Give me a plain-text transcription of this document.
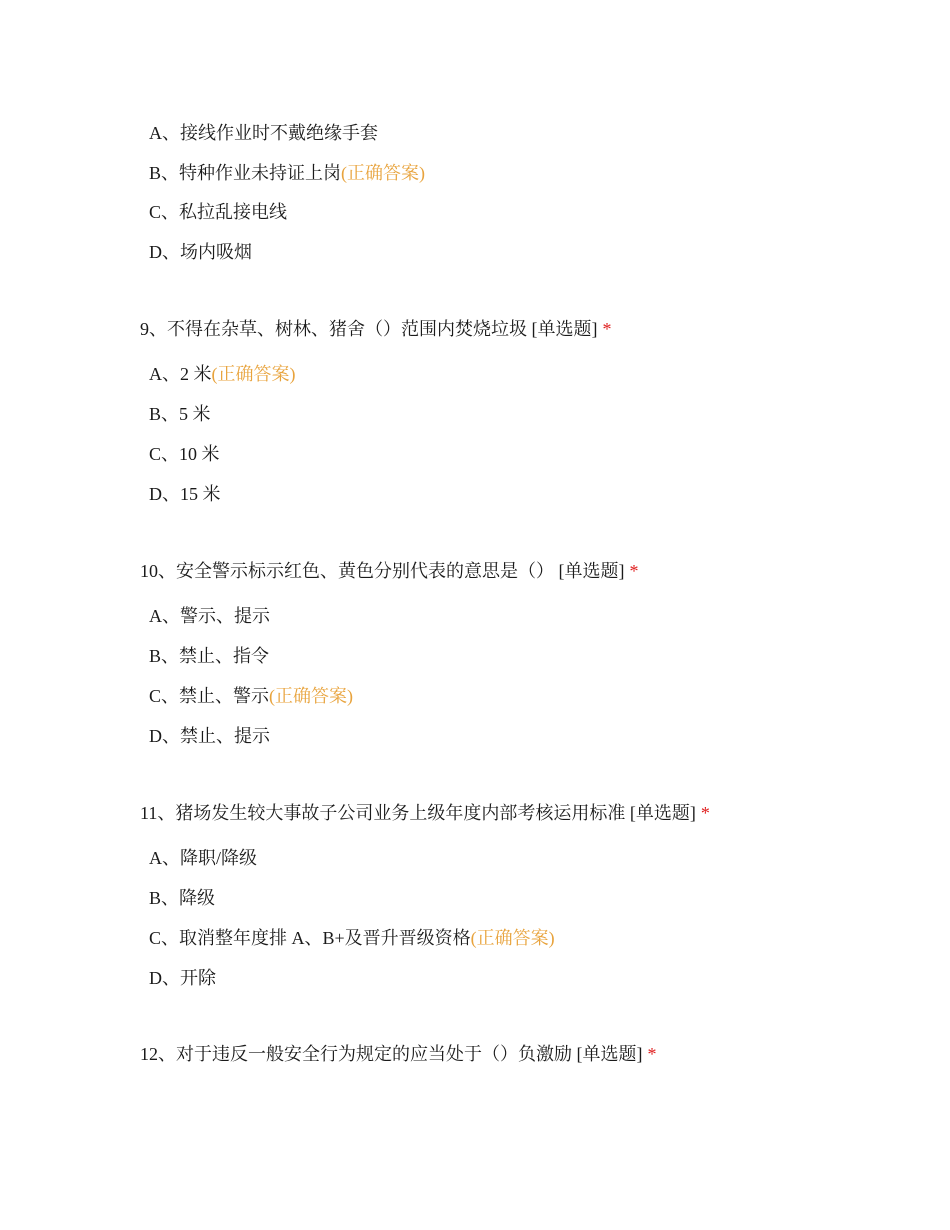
A、接线作业时不戴绝缘手套
B、特种作业未持证上岗(正确答案)
C、私拉乱接电线
D、场内吸烟
9、不得在杂草、树林、猪舍（）范围内焚烧垃圾 [单选题] *
A、2 米(正确答案)
B、5 米
C、10 米
D、15 米
10、安全警示标示红色、黄色分别代表的意思是（） [单选题] *
A、警示、提示
B、禁止、指令
C、禁止、警示(正确答案)
D、禁止、提示
11、猪场发生较大事故子公司业务上级年度内部考核运用标准 [单选题] *
A、降职/降级
B、降级
C、取消整年度排 A、B+及晋升晋级资格(正确答案)
D、开除
12、对于违反一般安全行为规定的应当处于（）负激励 [单选题] *
